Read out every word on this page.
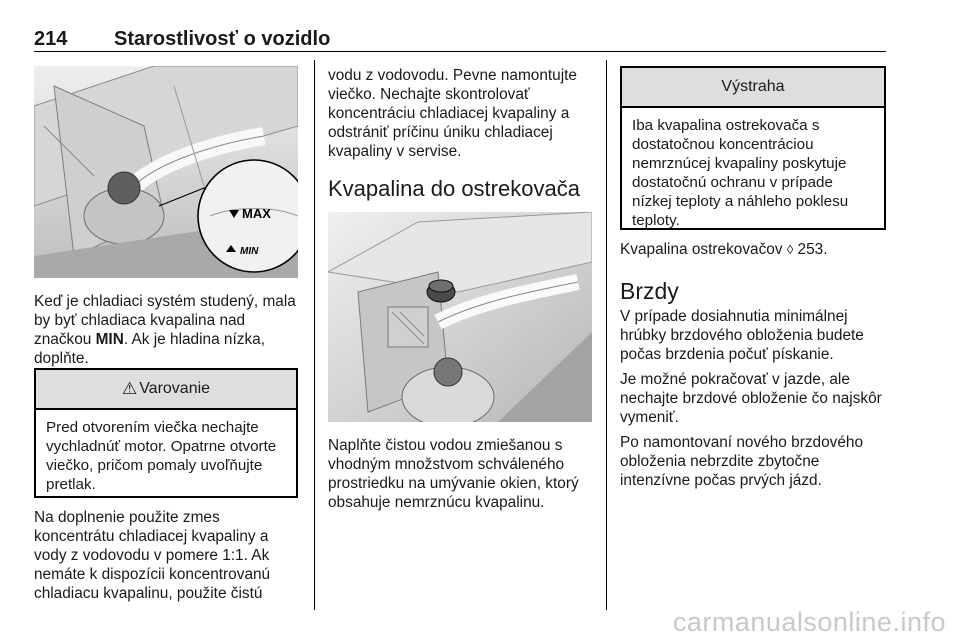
214 Starostlivosť o vozidlo
MAX
MIN

Keď je chladiaci systém studený, mala by byť chladiaca kvapalina nad značkou MIN. Ak je hladina nízka, doplňte.

⚠ Varovanie
Pred otvorením viečka nechajte vychladnúť motor. Opatrne otvorte viečko, pričom pomaly uvoľňujte pretlak.

Na doplnenie použite zmes koncentrátu chladiacej kvapaliny a vody z vodovodu v pomere 1:1. Ak nemáte k dispozícii koncentrovanú chladiacu kvapalinu, použite čistú

vodu z vodovodu. Pevne namontujte viečko. Nechajte skontrolovať koncentráciu chladiacej kvapaliny a odstrániť príčinu úniku chladiacej kvapaliny v servise.

Kvapalina do ostrekovača

Naplňte čistou vodou zmiešanou s vhodným množstvom schváleného prostriedku na umývanie okien, ktorý obsahuje nemrznúcu kvapalinu.

Výstraha
Iba kvapalina ostrekovača s dostatočnou koncentráciou nemrznúcej kvapaliny poskytuje dostatočnú ochranu v prípade nízkej teploty a náhleho poklesu teploty.

Kvapalina ostrekovačov ◊ 253.

Brzdy

V prípade dosiahnutia minimálnej hrúbky brzdového obloženia budete počas brzdenia počuť pískanie.

Je možné pokračovať v jazde, ale nechajte brzdové obloženie čo najskôr vymeniť.

Po namontovaní nového brzdového obloženia nebrzdite zbytočne intenzívne počas prvých jázd.

carmanualsonline.info
